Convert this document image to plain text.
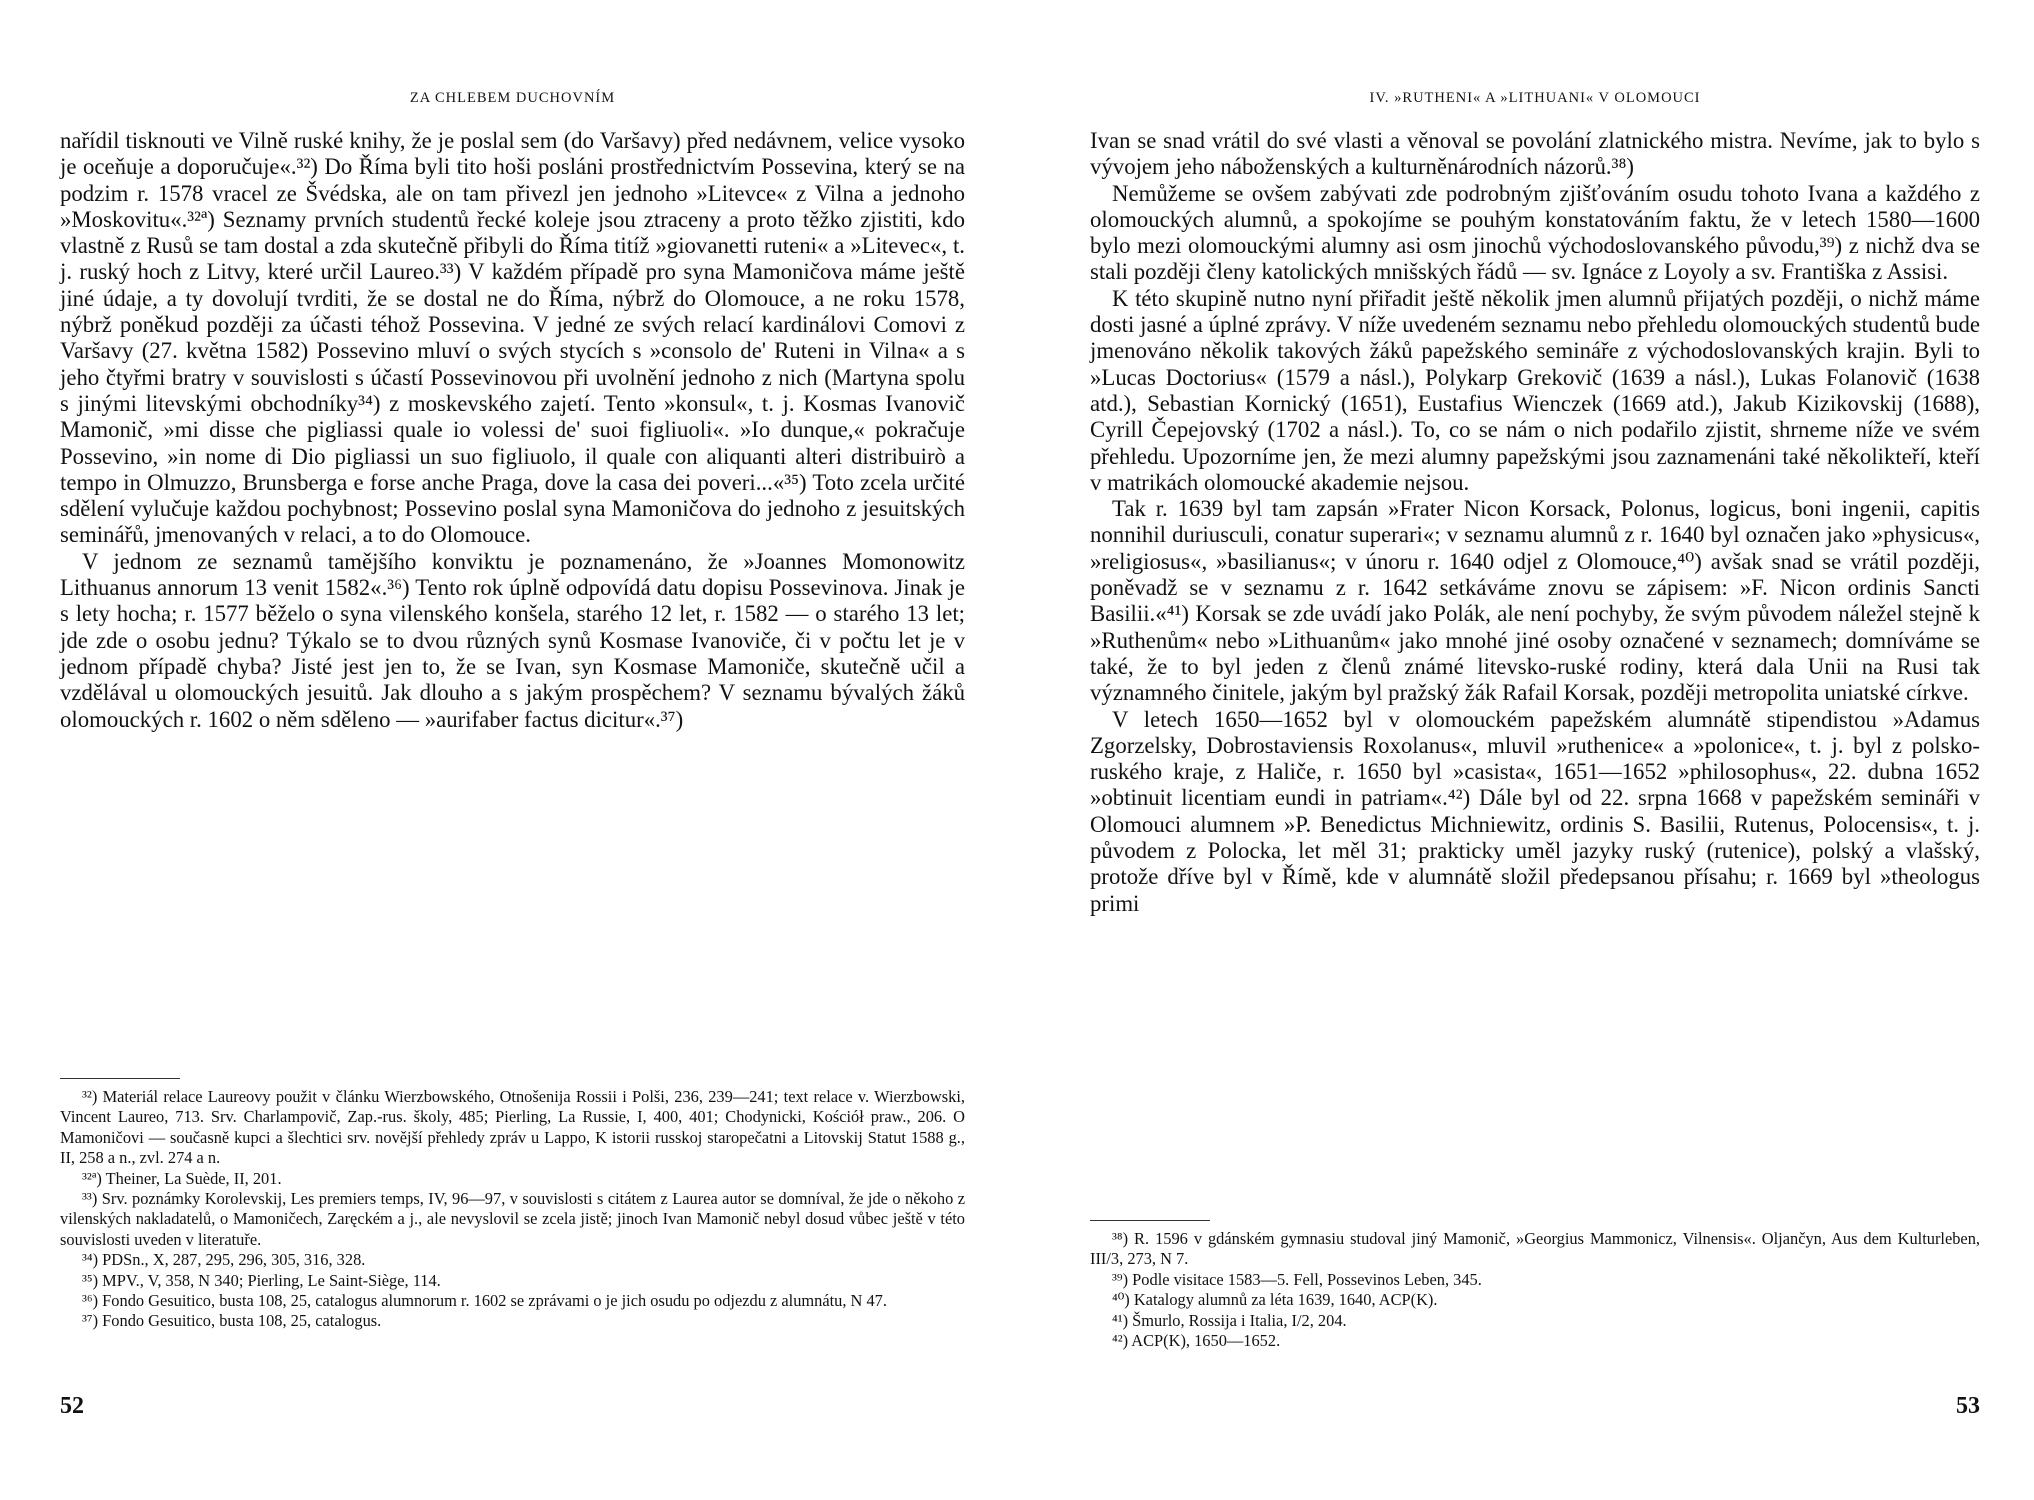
ZA CHLEBEM DUCHOVNÍM

nařídil tisknouti ve Vilně ruské knihy, že je poslal sem (do Varšavy) před nedávnem, velice vysoko je oceňuje a doporučuje«.³²) Do Říma byli tito hoši posláni prostřednictvím Possevina, který se na podzim r. 1578 vracel ze Švédska, ale on tam přivezl jen jednoho »Litevce« z Vilna a jednoho »Moskovitu«.³²ª) Seznamy prvních studentů řecké koleje jsou ztraceny a proto těžko zjistiti, kdo vlastně z Rusů se tam dostal a zda skutečně přibyli do Říma titíž »giovanetti ruteni« a »Litevec«, t. j. ruský hoch z Litvy, které určil Laureo.³³) V každém případě pro syna Mamoničova máme ještě jiné údaje, a ty dovolují tvrditi, že se dostal ne do Říma, nýbrž do Olomouce, a ne roku 1578, nýbrž poněkud později za účasti téhož Possevina. V jedné ze svých relací kardinálovi Comovi z Varšavy (27. května 1582) Possevino mluví o svých stycích s »consolo de' Ruteni in Vilna« a s jeho čtyřmi bratry v souvislosti s účastí Possevinovou při uvolnění jednoho z nich (Martyna spolu s jinými litevskými obchodníky³⁴) z moskevského zajetí. Tento »konsul«, t. j. Kosmas Ivanovič Mamonič, »mi disse che pigliassi quale io volessi de' suoi figliuoli«. »Io dunque,« pokračuje Possevino, »in nome di Dio pigliassi un suo figliuolo, il quale con aliquanti alteri distribuirò a tempo in Olmuzzo, Brunsberga e forse anche Praga, dove la casa dei poveri...«³⁵) Toto zcela určité sdělení vylučuje každou pochybnost; Possevino poslal syna Mamoničova do jednoho z jesuitských seminářů, jmenovaných v relaci, a to do Olomouce.

V jednom ze seznamů tamějšího konviktu je poznamenáno, že »Joannes Momonowitz Lithuanus annorum 13 venit 1582«.³⁶) Tento rok úplně odpovídá datu dopisu Possevinova. Jinak je s lety hocha; r. 1577 běželo o syna vilenského konšela, starého 12 let, r. 1582 — o starého 13 let; jde zde o osobu jednu? Týkalo se to dvou různých synů Kosmase Ivanoviče, či v počtu let je v jednom případě chyba? Jisté jest jen to, že se Ivan, syn Kosmase Mamoniče, skutečně učil a vzdělával u olomouckých jesuitů. Jak dlouho a s jakým prospěchem? V seznamu bývalých žáků olomouckých r. 1602 o něm sděleno — »aurifaber factus dicitur«.³⁷)

³²) Materiál relace Laureovy použit v článku Wierzbowského, Otnošenija Rossii i Polši, 236, 239—241; text relace v. Wierzbowski, Vincent Laureo, 713. Srv. Charlampovič, Zap.-rus. školy, 485; Pierling, La Russie, I, 400, 401; Chodynicki, Kościół praw., 206. O Mamoničovi — současně kupci a šlechtici srv. novější přehledy zpráv u Lappo, K istorii russkoj staropečatni a Litovskij Statut 1588 g., II, 258 a n., zvl. 274 a n.
³²ª) Theiner, La Suède, II, 201.
³³) Srv. poznámky Korolevskij, Les premiers temps, IV, 96—97, v souvislosti s citátem z Laurea autor se domníval, že jde o někoho z vilenských nakladatelů, o Mamoničech, Zaręckém a j., ale nevyslovil se zcela jistě; jinoch Ivan Mamonič nebyl dosud vůbec ještě v této souvislosti uveden v literatuře.
³⁴) PDSn., X, 287, 295, 296, 305, 316, 328.
³⁵) MPV., V, 358, N 340; Pierling, Le Saint-Siège, 114.
³⁶) Fondo Gesuitico, busta 108, 25, catalogus alumnorum r. 1602 se zprávami o je jich osudu po odjezdu z alumnátu, N 47.
³⁷) Fondo Gesuitico, busta 108, 25, catalogus.
52
IV. »RUTHENI« A »LITHUANI« V OLOMOUCI

Ivan se snad vrátil do své vlasti a věnoval se povolání zlatnického mistra. Nevíme, jak to bylo s vývojem jeho náboženských a kulturněnárodních názorů.³⁸)

Nemůžeme se ovšem zabývati zde podrobným zjišťováním osudu tohoto Ivana a každého z olomouckých alumnů, a spokojíme se pouhým konstatováním faktu, že v letech 1580—1600 bylo mezi olomouckými alumny asi osm jinochů východoslovanského původu,³⁹) z nichž dva se stali později členy katolických mnišských řádů — sv. Ignáce z Loyoly a sv. Františka z Assisi.

K této skupině nutno nyní přiřadit ještě několik jmen alumnů přijatých později, o nichž máme dosti jasné a úplné zprávy. V níže uvedeném seznamu nebo přehledu olomouckých studentů bude jmenováno několik takových žáků papežského semináře z východoslovanských krajin. Byli to »Lucas Doctorius« (1579 a násl.), Polykarp Grekovič (1639 a násl.), Lukas Folanovič (1638 atd.), Sebastian Kornický (1651), Eustafius Wienczek (1669 atd.), Jakub Kizikovskij (1688), Cyrill Čepejovský (1702 a násl.). To, co se nám o nich podařilo zjistit, shrneme níže ve svém přehledu. Upozorníme jen, že mezi alumny papežskými jsou zaznamenáni také několikteří, kteří v matrikách olomoucké akademie nejsou.

Tak r. 1639 byl tam zapsán »Frater Nicon Korsack, Polonus, logicus, boni ingenii, capitis nonnihil duriusculi, conatur superari«; v seznamu alumnů z r. 1640 byl označen jako »physicus«, »religiosus«, »basilianus«; v únoru r. 1640 odjel z Olomouce,⁴⁰) avšak snad se vrátil později, poněvadž se v seznamu z r. 1642 setkáváme znovu se zápisem: »F. Nicon ordinis Sancti Basilii.«⁴¹) Korsak se zde uvádí jako Polák, ale není pochyby, že svým původem náležel stejně k »Ruthenům« nebo »Lithuanům« jako mnohé jiné osoby označené v seznamech; domníváme se také, že to byl jeden z členů známé litevsko-ruské rodiny, která dala Unii na Rusi tak významného činitele, jakým byl pražský žák Rafail Korsak, později metropolita uniatské církve.

V letech 1650—1652 byl v olomouckém papežském alumnátě stipendistou »Adamus Zgorzelsky, Dobrostaviensis Roxolanus«, mluvil »ruthenice« a »polonice«, t. j. byl z polsko-ruského kraje, z Haliče, r. 1650 byl »casista«, 1651—1652 »philosophus«, 22. dubna 1652 »obtinuit licentiam eundi in patriam«.⁴²) Dále byl od 22. srpna 1668 v papežském semináři v Olomouci alumnem »P. Benedictus Michniewitz, ordinis S. Basilii, Rutenus, Polocensis«, t. j. původem z Polocka, let měl 31; prakticky uměl jazyky ruský (rutenice), polský a vlašský, protože dříve byl v Římě, kde v alumnátě složil předepsanou přísahu; r. 1669 byl »theologus primi

³⁸) R. 1596 v gdánském gymnasiu studoval jiný Mamonič, »Georgius Mammonicz, Vilnensis«. Oljančyn, Aus dem Kulturleben, III/3, 273, N 7.
³⁹) Podle visitace 1583—5. Fell, Possevinos Leben, 345.
⁴⁰) Katalogy alumnů za léta 1639, 1640, ACP(K).
⁴¹) Šmurlo, Rossija i Italia, I/2, 204.
⁴²) ACP(K), 1650—1652.
53
